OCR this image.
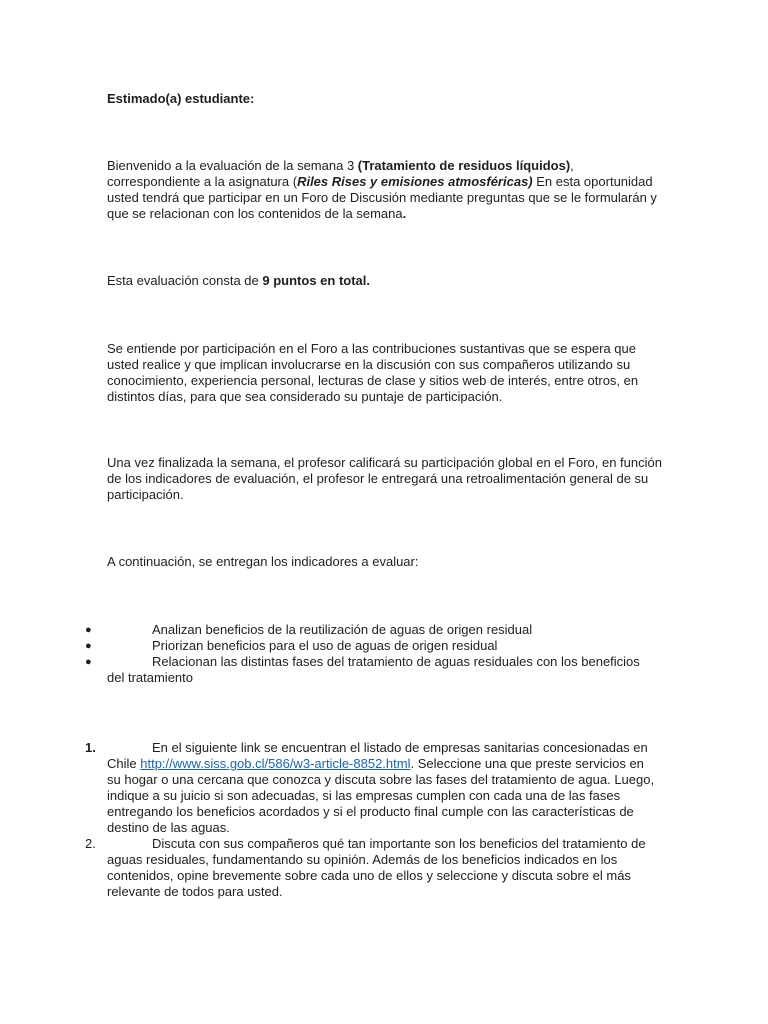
Estimado(a) estudiante:
Bienvenido a la evaluación de la semana 3 (Tratamiento de residuos líquidos), correspondiente a la asignatura (Riles Rises y emisiones atmosféricas) En esta oportunidad usted tendrá que participar en un Foro de Discusión mediante preguntas que se le formularán y que se relacionan con los contenidos de la semana.
Esta evaluación consta de 9 puntos en total.
Se entiende por participación en el Foro a las contribuciones sustantivas que se espera que usted realice y que implican involucrarse en la discusión con sus compañeros utilizando su conocimiento, experiencia personal, lecturas de clase y sitios web de interés, entre otros, en distintos días, para que sea considerado su puntaje de participación.
Una vez finalizada la semana, el profesor calificará su participación global en el Foro, en función de los indicadores de evaluación, el profesor le entregará una retroalimentación general de su participación.
A continuación, se entregan los indicadores a evaluar:
●	Analizan beneficios de la reutilización de aguas de origen residual
●	Priorizan beneficios para el uso de aguas de origen residual
●	Relacionan las distintas fases del tratamiento de aguas residuales con los beneficios del tratamiento
1.	En el siguiente link se encuentran el listado de empresas sanitarias concesionadas en Chile http://www.siss.gob.cl/586/w3-article-8852.html. Seleccione una que preste servicios en su hogar o una cercana que conozca y discuta sobre las fases del tratamiento de agua. Luego, indique a su juicio si son adecuadas, si las empresas cumplen con cada una de las fases entregando los beneficios acordados y si el producto final cumple con las características de destino de las aguas.
2.	Discuta con sus compañeros qué tan importante son los beneficios del tratamiento de aguas residuales, fundamentando su opinión. Además de los beneficios indicados en los contenidos, opine brevemente sobre cada uno de ellos y seleccione y discuta sobre el más relevante de todos para usted.
